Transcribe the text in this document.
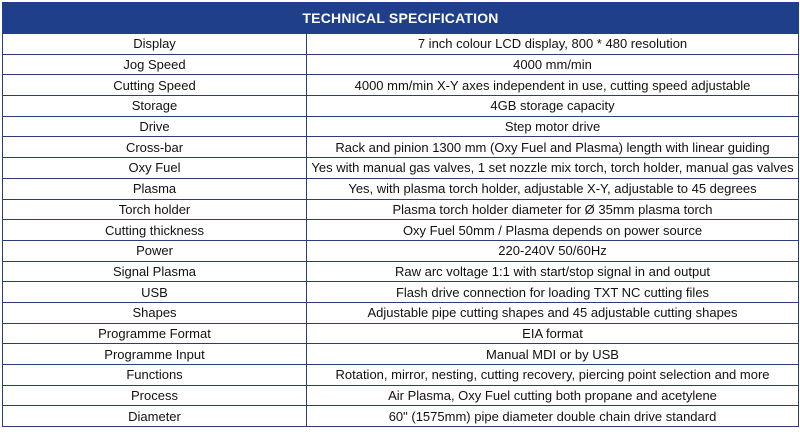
TECHNICAL SPECIFICATION	
Display	7 inch colour LCD display, 800 * 480 resolution
Jog Speed	4000 mm/min
Cutting Speed	4000 mm/min X-Y axes independent in use, cutting speed adjustable
Storage	4GB storage capacity
Drive	Step motor drive
Cross-bar	Rack and pinion 1300 mm (Oxy Fuel and Plasma) length with linear guiding
Oxy Fuel	Yes with manual gas valves, 1 set nozzle mix torch, torch holder, manual gas valves
Plasma	Yes, with plasma torch holder, adjustable X-Y, adjustable to 45 degrees
Torch holder	Plasma torch holder diameter for Ø 35mm plasma torch
Cutting thickness	Oxy Fuel 50mm / Plasma depends on power source
Power	220-240V 50/60Hz
Signal Plasma	Raw arc voltage 1:1 with start/stop signal in and output
USB	Flash drive connection for loading TXT NC cutting files
Shapes	Adjustable pipe cutting shapes and 45 adjustable cutting shapes
Programme Format	EIA format
Programme Input	Manual MDI or by USB
Functions	Rotation, mirror, nesting, cutting recovery, piercing point selection and more
Process	Air Plasma, Oxy Fuel cutting both propane and acetylene
Diameter	60" (1575mm) pipe diameter double chain drive standard
